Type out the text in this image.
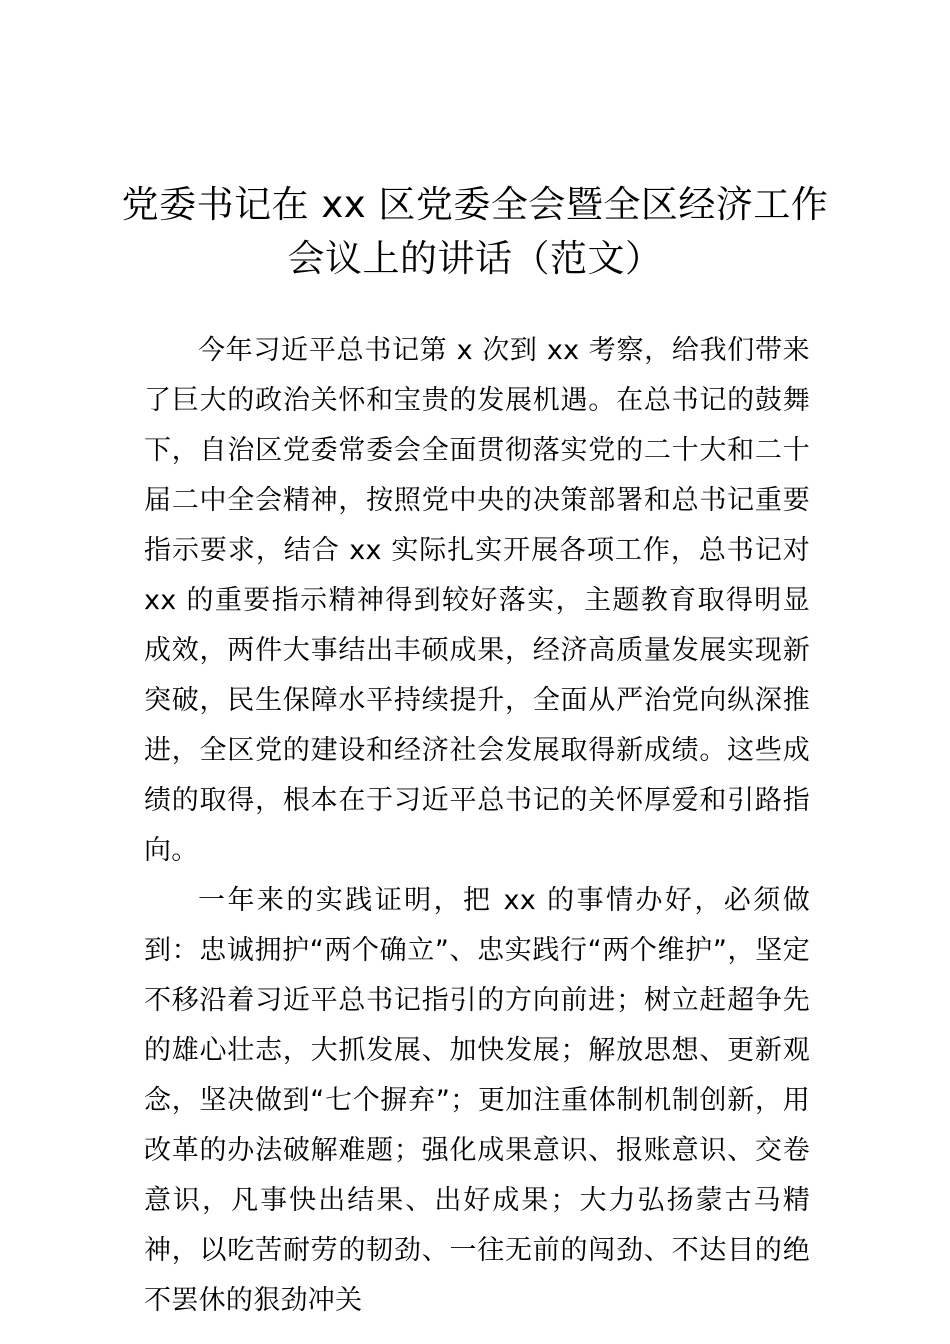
党委书记在 xx 区党委全会暨全区经济工作
会议上的讲话（范文）

今年习近平总书记第 x 次到 xx 考察，给我们带来了巨大的政治关怀和宝贵的发展机遇。在总书记的鼓舞下，自治区党委常委会全面贯彻落实党的二十大和二十届二中全会精神，按照党中央的决策部署和总书记重要指示要求，结合 xx 实际扎实开展各项工作，总书记对 xx 的重要指示精神得到较好落实，主题教育取得明显成效，两件大事结出丰硕成果，经济高质量发展实现新突破，民生保障水平持续提升，全面从严治党向纵深推进，全区党的建设和经济社会发展取得新成绩。这些成绩的取得，根本在于习近平总书记的关怀厚爱和引路指向。

一年来的实践证明，把 xx 的事情办好，必须做到：忠诚拥护“两个确立”、忠实践行“两个维护”，坚定不移沿着习近平总书记指引的方向前进；树立赶超争先的雄心壮志，大抓发展、加快发展；解放思想、更新观念，坚决做到“七个摒弃”；更加注重体制机制创新，用改革的办法破解难题；强化成果意识、报账意识、交卷意识，凡事快出结果、出好成果；大力弘扬蒙古马精神，以吃苦耐劳的韧劲、一往无前的闯劲、不达目的绝不罢休的狠劲冲关
